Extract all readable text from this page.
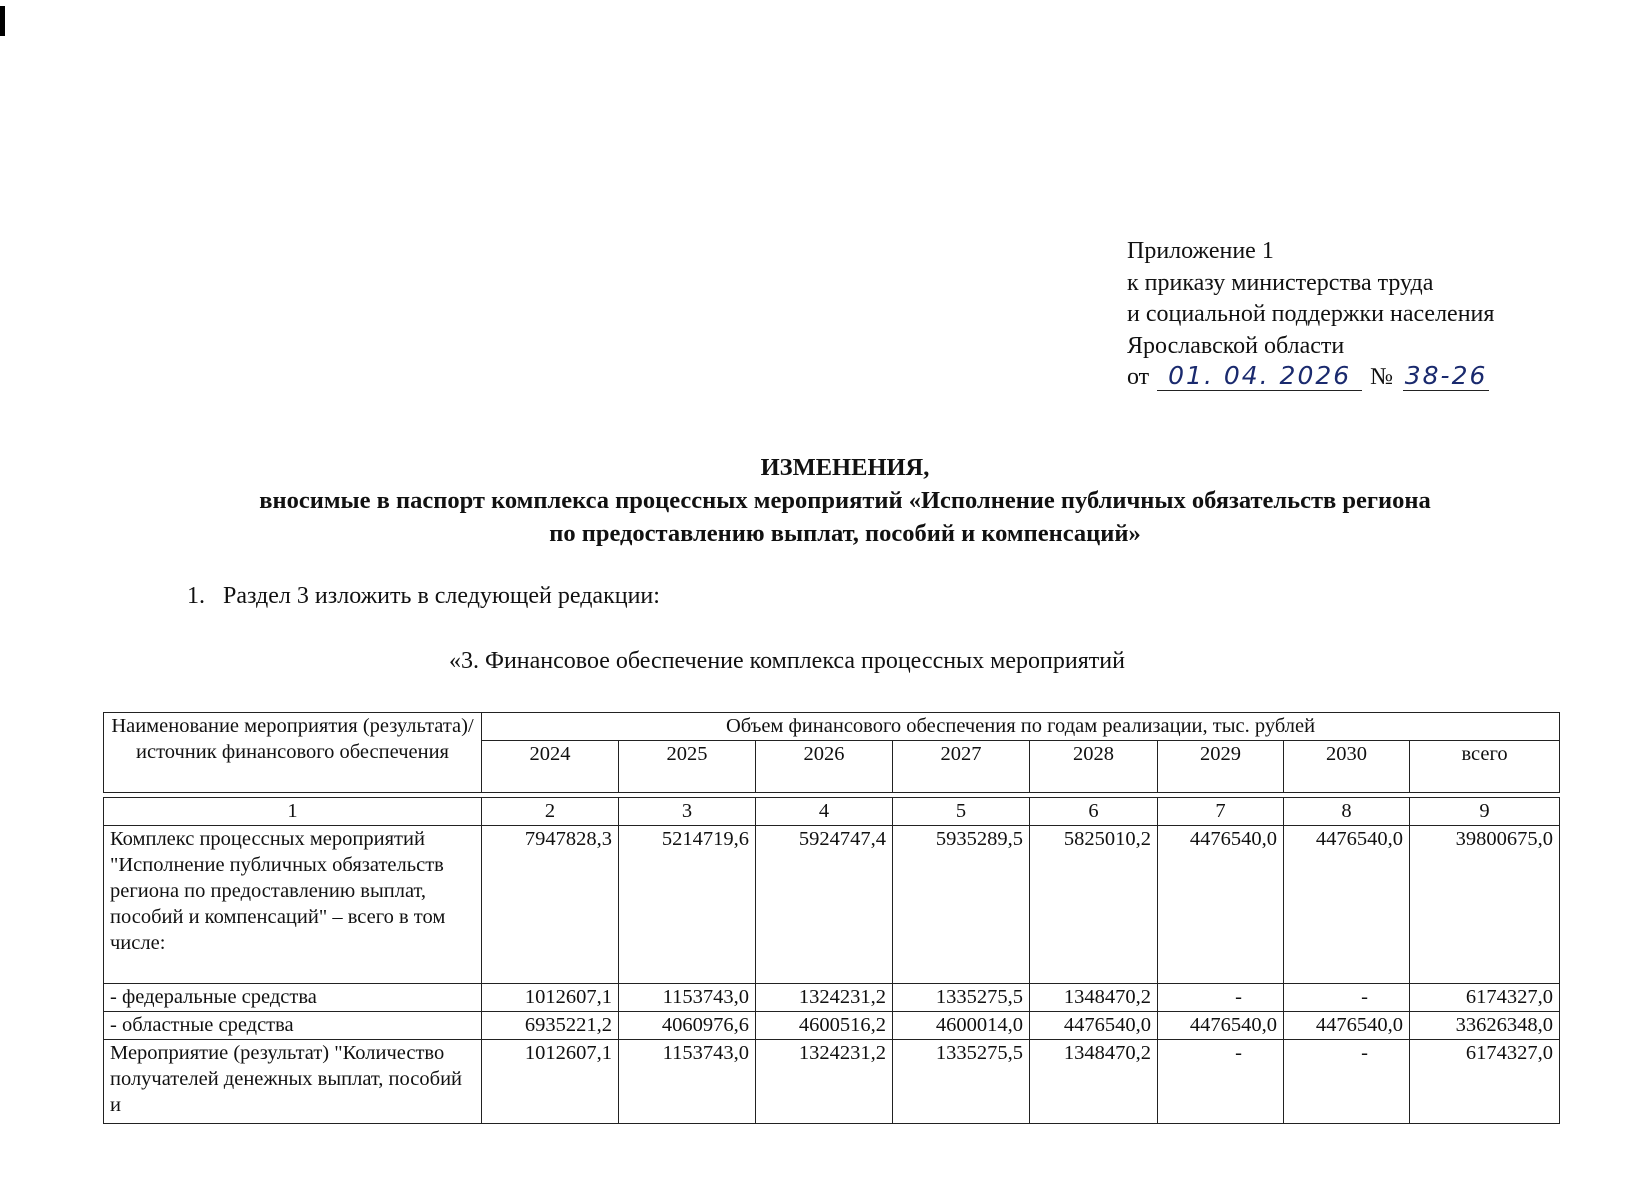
Приложение 1
к приказу министерства труда
и социальной поддержки населения
Ярославской области
от 01. 04. 2026 № 38-26
ИЗМЕНЕНИЯ,
вносимые в паспорт комплекса процессных мероприятий «Исполнение публичных обязательств региона
по предоставлению выплат, пособий и компенсаций»
1. Раздел 3 изложить в следующей редакции:
«3. Финансовое обеспечение комплекса процессных мероприятий
Наименование мероприятия (результата)/ источник финансового обеспечения	Объем финансового обеспечения по годам реализации, тыс. рублей							
	2024	2025	2026	2027	2028	2029	2030	всего
1	2	3	4	5	6	7	8	9
Комплекс процессных мероприятий "Исполнение публичных обязательств региона по предоставлению выплат, пособий и компенсаций" – всего в том числе:	7947828,3	5214719,6	5924747,4	5935289,5	5825010,2	4476540,0	4476540,0	39800675,0
- федеральные средства	1012607,1	1153743,0	1324231,2	1335275,5	1348470,2	-	-	6174327,0
- областные средства	6935221,2	4060976,6	4600516,2	4600014,0	4476540,0	4476540,0	4476540,0	33626348,0
Мероприятие (результат) "Количество получателей денежных выплат, пособий и	1012607,1	1153743,0	1324231,2	1335275,5	1348470,2	-	-	6174327,0
